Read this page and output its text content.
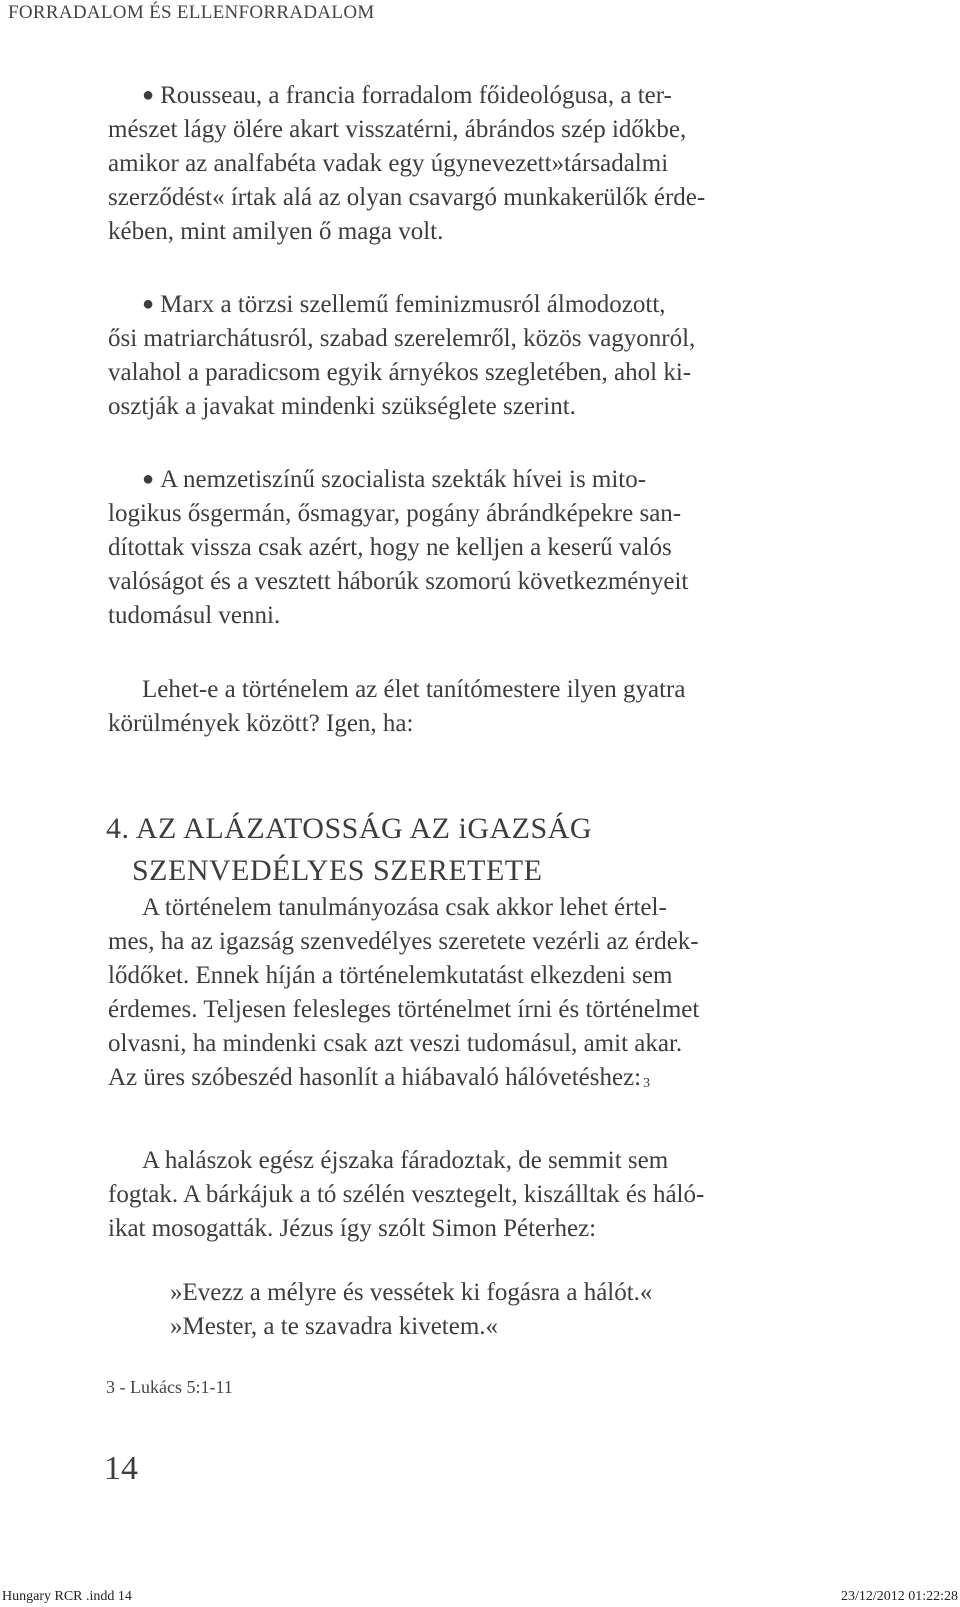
FORRADALOM ÉS ELLENFORRADALOM
● Rousseau, a francia forradalom főideológusa, a ter-
mészet lágy ölére akart visszatérni, ábrándos szép időkbe,
amikor az analfabéta vadak egy úgynevezett»társadalmi
szerződést« írtak alá az olyan csavargó munkakerülők érde-
kében, mint amilyen ő maga volt.
● Marx a törzsi szellemű feminizmusról álmodozott,
ősi matriarchátusról, szabad szerelemről, közös vagyonról,
valahol a paradicsom egyik árnyékos szegletében, ahol ki-
osztják a javakat mindenki szükséglete szerint.
● A nemzetiszínű szocialista szekták hívei is mito-
logikus ősgermán, ősmagyar, pogány ábrándképekre san-
dítottak vissza csak azért, hogy ne kelljen a keserű valós
valóságot és a vesztett háborúk szomorú következményeit
tudomásul venni.
Lehet-e a történelem az élet tanítómestere ilyen gyatra
körülmények között? Igen, ha:
4. AZ ALÁZATOSSÁG AZ iGAZSÁG
SZENVEDÉLYES SZERETETE
A történelem tanulmányozása csak akkor lehet értel-
mes, ha az igazság szenvedélyes szeretete vezérli az érdek-
lődőket. Ennek híján a történelemkutatást elkezdeni sem
érdemes. Teljesen felesleges történelmet írni és történelmet
olvasni, ha mindenki csak azt veszi tudomásul, amit akar.
Az üres szóbeszéd hasonlít a hiábavaló hálóvetéshez: $^3$
A halászok egész éjszaka fáradoztak, de semmit sem
fogtak. A bárkájuk a tó szélén vesztegelt, kiszálltak és háló-
ikat mosogatták. Jézus így szólt Simon Péterhez:
»Evezz a mélyre és vessétek ki fogásra a hálót.«
»Mester, a te szavadra kivetem.«
3 - Lukács 5:1-11
14
Hungary RCR .indd 14	23/12/2012 01:22:28
